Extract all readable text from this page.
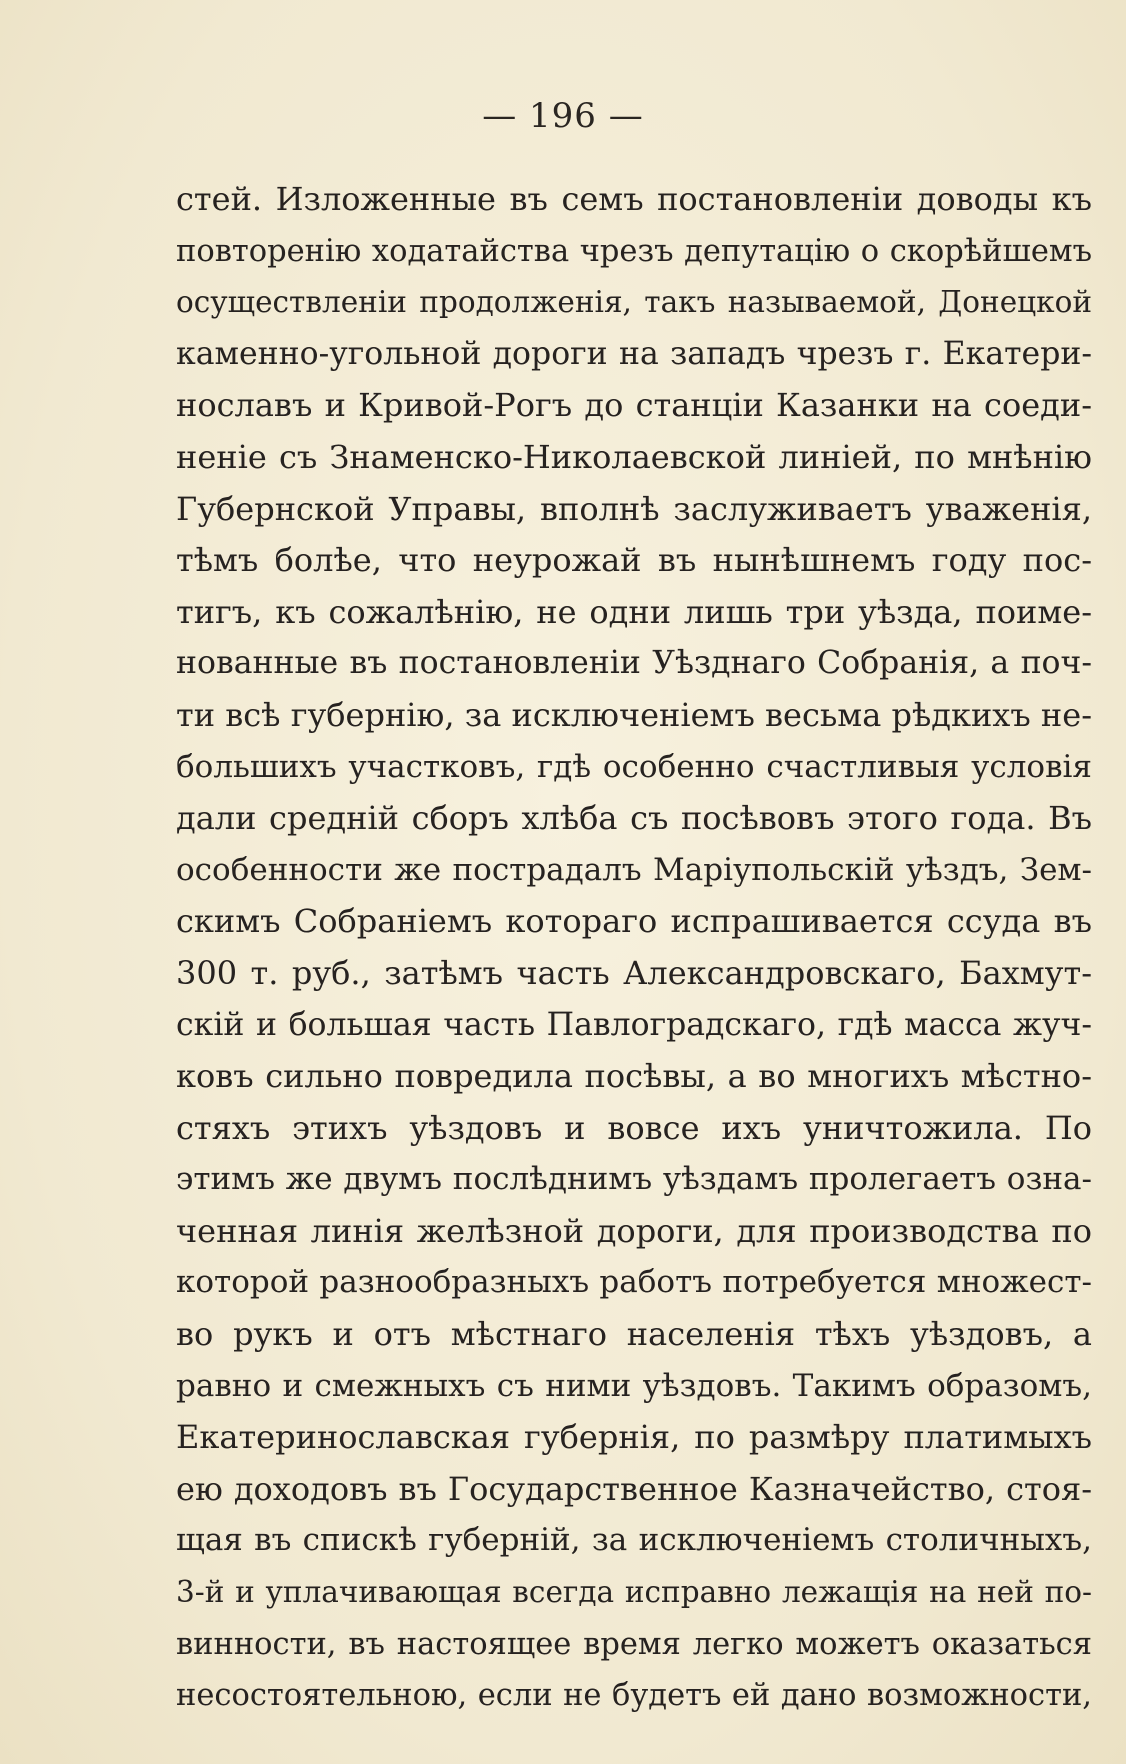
— 196 —
стей. Изложенные въ семъ постановленіи доводы къ
повторенію ходатайства чрезъ депутацію о скорѣйшемъ
осуществленіи продолженія, такъ называемой, Донецкой
каменно-угольной дороги на западъ чрезъ г. Екатери-
нославъ и Кривой-Рогъ до станціи Казанки на соеди-
неніе съ Знаменско-Николаевской линіей, по мнѣнію
Губернской Управы, вполнѣ заслуживаетъ уваженія,
тѣмъ болѣе, что неурожай въ нынѣшнемъ году пос-
тигъ, къ сожалѣнію, не одни лишь три уѣзда, поиме-
нованные въ постановленіи Уѣзднаго Собранія, а поч-
ти всѣ губернію, за исключеніемъ весьма рѣдкихъ не-
большихъ участковъ, гдѣ особенно счастливыя условія
дали средній сборъ хлѣба съ посѣвовъ этого года. Въ
особенности же пострадалъ Маріупольскій уѣздъ, Зем-
скимъ Собраніемъ котораго испрашивается ссуда въ
300 т. руб., затѣмъ часть Александровскаго, Бахмут-
скій и большая часть Павлоградскаго, гдѣ масса жуч-
ковъ сильно повредила посѣвы, а во многихъ мѣстно-
стяхъ этихъ уѣздовъ и вовсе ихъ уничтожила. По
этимъ же двумъ послѣднимъ уѣздамъ пролегаетъ озна-
ченная линія желѣзной дороги, для производства по
которой разнообразныхъ работъ потребуется множест-
во рукъ и отъ мѣстнаго населенія тѣхъ уѣздовъ, а
равно и смежныхъ съ ними уѣздовъ. Такимъ образомъ,
Екатеринославская губернія, по размѣру платимыхъ
ею доходовъ въ Государственное Казначейство, стоя-
щая въ спискѣ губерній, за исключеніемъ столичныхъ,
3-й и уплачивающая всегда исправно лежащія на ней по-
винности, въ настоящее время легко можетъ оказаться
несостоятельною, если не будетъ ей дано возможности,
